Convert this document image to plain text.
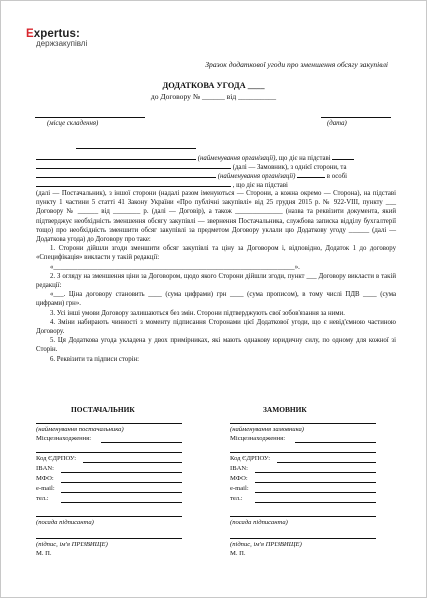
Expertus:
держзакупівлі
Зразок додаткової угоди про зменшення обсягу закупівлі
ДОДАТКОВА УГОДА ____
до Договору № ______ від __________
(місце складення)	(дата)
(найменування організації), що діє на підставі
(далі — Замовник), з однієї сторони, та
(найменування організації)	в особі
, що діє на підставі

(далі — Постачальник), з іншої сторони (надалі разом іменуються — Сторони, а кожна окремо — Сторона), на підставі пункту 1 частини 5 статті 41 Закону України «Про публічні закупівлі» від 25 грудня 2015 р. № 922-VIII, пункту ___ Договору № ______ від ________ р. (далі — Договір), а також ______________ (назва та реквізити документа, який підтверджує необхідність зменшення обсягу закупівлі — звернення Постачальника, службова записка відділу бухгалтерії тощо) про необхідність зменшити обсяг закупівлі за предметом Договору уклали цю Додаткову угоду ______ (далі — Додаткова угода) до Договору про таке:

1. Сторони дійшли згоди зменшити обсяг закупівлі та ціну за Договором і, відповідно, Додаток 1 до договору «Специфікація» викласти у такій редакції:

«_______________________________________________________________________».

2. З огляду на зменшення ціни за Договором, щодо якого Сторони дійшли згоди, пункт ___ Договору викласти в такій редакції:

«___. Ціна договору становить ____ (сума цифрами) грн ____ (сума прописом), в тому числі ПДВ ____ (сума цифрами) грн».

3. Усі інші умови Договору залишаються без змін. Сторони підтверджують свої зобов'язання за ними.

4. Зміни набирають чинності з моменту підписання Сторонами цієї Додаткової угоди, що є невід'ємною частиною Договору.

5. Ця Додаткова угода укладена у двох примірниках, які мають однакову юридичну силу, по одному для кожної зі Сторін.

6. Реквізити та підписи сторін:

ПОСТАЧАЛЬНИК
(найменування постачальника)
Місцезнаходження:
Код ЄДРПОУ:
IBAN:
МФО:
e-mail:
тел.:
(посада підписанта)
(підпис, ім'я ПРІЗВИЩЕ)
М. П.
ЗАМОВНИК
(найменування замовника)
Місцезнаходження:
Код ЄДРПОУ:
IBAN:
МФО:
e-mail:
тел.:
(посада підписанта)
(підпис, ім'я ПРІЗВИЩЕ)
М. П.
